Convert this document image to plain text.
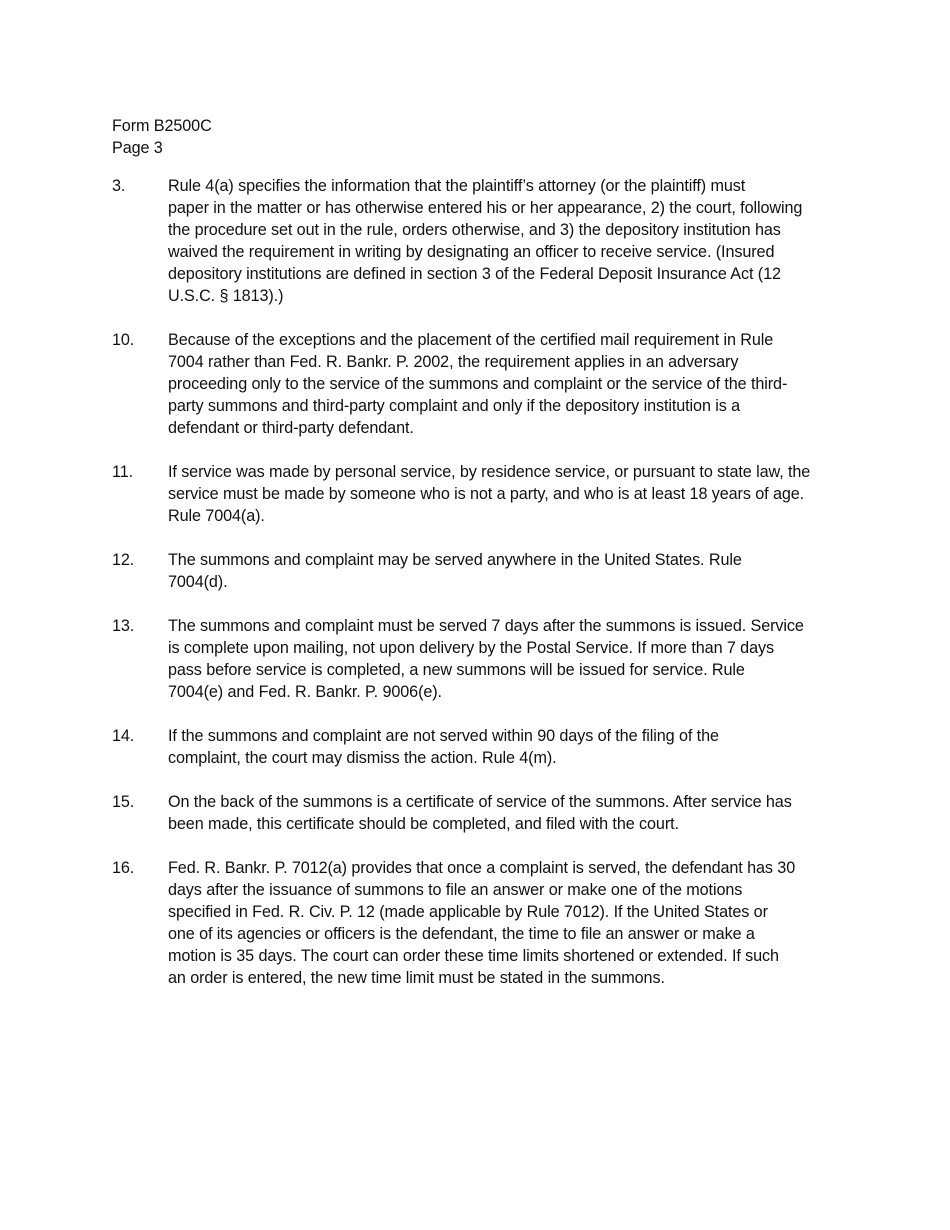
Form B2500C
Page 3
3.	Rule 4(a) specifies the information that the plaintiff’s attorney (or the plaintiff) must
paper in the matter or has otherwise entered his or her appearance, 2) the court, following
the procedure set out in the rule, orders otherwise, and 3) the depository institution has
waived the requirement in writing by designating an officer to receive service. (Insured
depository institutions are defined in section 3 of the Federal Deposit Insurance Act (12
U.S.C. § 1813).)
10.	Because of the exceptions and the placement of the certified mail requirement in Rule
7004 rather than Fed. R. Bankr. P. 2002, the requirement applies in an adversary
proceeding only to the service of the summons and complaint or the service of the third-
party summons and third-party complaint and only if the depository institution is a
defendant or third-party defendant.
11.	If service was made by personal service, by residence service, or pursuant to state law, the
service must be made by someone who is not a party, and who is at least 18 years of age.
Rule 7004(a).
12.	The summons and complaint may be served anywhere in the United States. Rule
7004(d).
13.	The summons and complaint must be served 7 days after the summons is issued. Service
is complete upon mailing, not upon delivery by the Postal Service. If more than 7 days
pass before service is completed, a new summons will be issued for service. Rule
7004(e) and Fed. R. Bankr. P. 9006(e).
14.	If the summons and complaint are not served within 90 days of the filing of the
complaint, the court may dismiss the action. Rule 4(m).
15.	On the back of the summons is a certificate of service of the summons. After service has
been made, this certificate should be completed, and filed with the court.
16.	Fed. R. Bankr. P. 7012(a) provides that once a complaint is served, the defendant has 30
days after the issuance of summons to file an answer or make one of the motions
specified in Fed. R. Civ. P. 12 (made applicable by Rule 7012). If the United States or
one of its agencies or officers is the defendant, the time to file an answer or make a
motion is 35 days. The court can order these time limits shortened or extended. If such
an order is entered, the new time limit must be stated in the summons.
